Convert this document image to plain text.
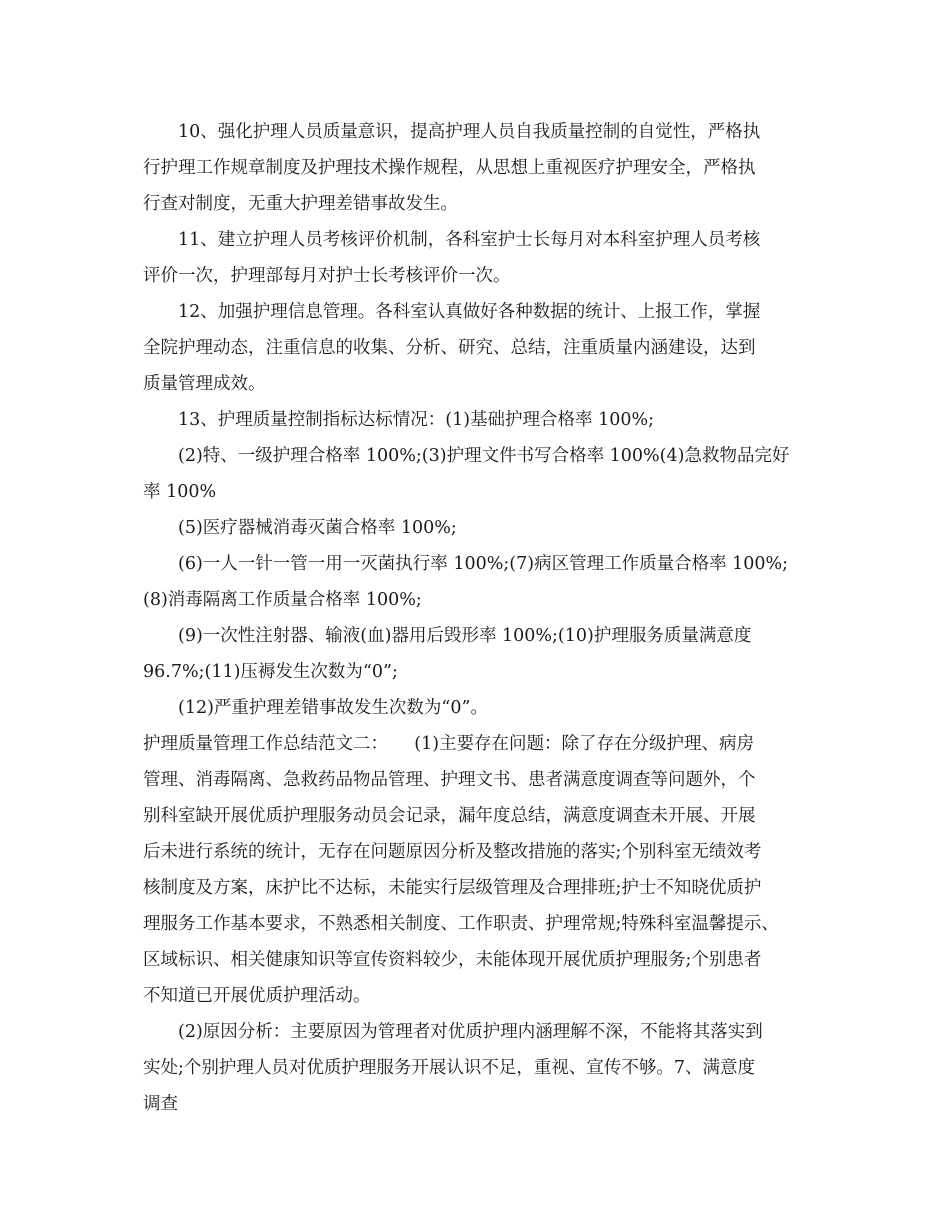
10、强化护理人员质量意识，提高护理人员自我质量控制的自觉性，严格执
行护理工作规章制度及护理技术操作规程，从思想上重视医疗护理安全，严格执
行查对制度，无重大护理差错事故发生。
11、建立护理人员考核评价机制，各科室护士长每月对本科室护理人员考核
评价一次，护理部每月对护士长考核评价一次。
12、加强护理信息管理。各科室认真做好各种数据的统计、上报工作，掌握
全院护理动态，注重信息的收集、分析、研究、总结，注重质量内涵建设，达到
质量管理成效。
13、护理质量控制指标达标情况：(1)基础护理合格率 100%;
(2)特、一级护理合格率 100%;(3)护理文件书写合格率 100%(4)急救物品完好
率 100%
(5)医疗器械消毒灭菌合格率 100%;
(6)一人一针一管一用一灭菌执行率 100%;(7)病区管理工作质量合格率 100%;
(8)消毒隔离工作质量合格率 100%;
(9)一次性注射器、输液(血)器用后毁形率 100%;(10)护理服务质量满意度
96.7%;(11)压褥发生次数为“0”;
(12)严重护理差错事故发生次数为“0”。
护理质量管理工作总结范文二：　　(1)主要存在问题：除了存在分级护理、病房
管理、消毒隔离、急救药品物品管理、护理文书、患者满意度调查等问题外，个
别科室缺开展优质护理服务动员会记录，漏年度总结，满意度调查未开展、开展
后未进行系统的统计，无存在问题原因分析及整改措施的落实;个别科室无绩效考
核制度及方案，床护比不达标，未能实行层级管理及合理排班;护士不知晓优质护
理服务工作基本要求，不熟悉相关制度、工作职责、护理常规;特殊科室温馨提示、
区域标识、相关健康知识等宣传资料较少，未能体现开展优质护理服务;个别患者
不知道已开展优质护理活动。
(2)原因分析：主要原因为管理者对优质护理内涵理解不深，不能将其落实到
实处;个别护理人员对优质护理服务开展认识不足，重视、宣传不够。7、满意度
调查
